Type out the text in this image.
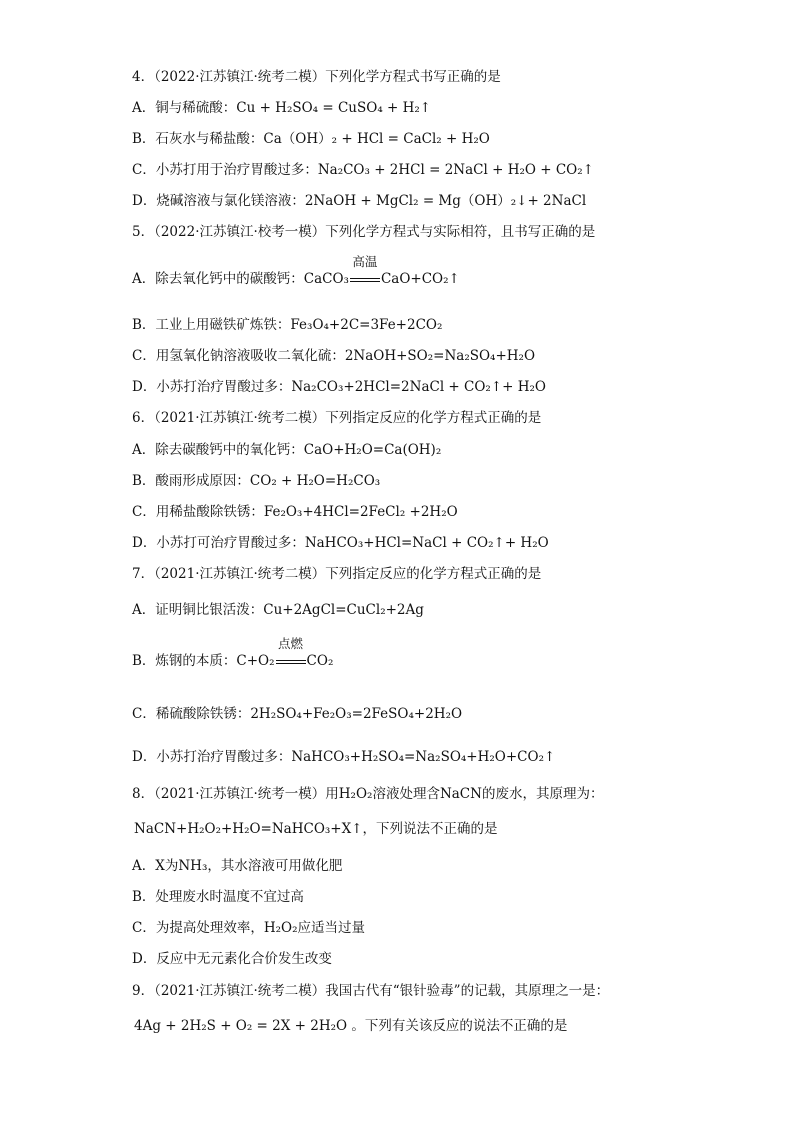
4．（2022·江苏镇江·统考二模）下列化学方程式书写正确的是
A．铜与稀硫酸：Cu + H₂SO₄ = CuSO₄ + H₂↑
B．石灰水与稀盐酸：Ca（OH）₂ + HCl = CaCl₂ + H₂O
C．小苏打用于治疗胃酸过多：Na₂CO₃ + 2HCl = 2NaCl + H₂O + CO₂↑
D．烧碱溶液与氯化镁溶液：2NaOH + MgCl₂ = Mg（OH）₂↓+ 2NaCl
5．（2022·江苏镇江·校考一模）下列化学方程式与实际相符，且书写正确的是
A．除去氧化钙中的碳酸钙：CaCO₃
高温
CaO+CO₂↑
B．工业上用磁铁矿炼铁：Fe₃O₄+2C=3Fe+2CO₂
C．用氢氧化钠溶液吸收二氧化硫：2NaOH+SO₂=Na₂SO₄+H₂O
D．小苏打治疗胃酸过多：Na₂CO₃+2HCl=2NaCl + CO₂↑+ H₂O
6．（2021·江苏镇江·统考二模）下列指定反应的化学方程式正确的是
A．除去碳酸钙中的氧化钙：CaO+H₂O=Ca(OH)₂
B．酸雨形成原因：CO₂ + H₂O=H₂CO₃
C．用稀盐酸除铁锈：Fe₂O₃+4HCl=2FeCl₂ +2H₂O
D．小苏打可治疗胃酸过多：NaHCO₃+HCl=NaCl + CO₂↑+ H₂O
7．（2021·江苏镇江·统考二模）下列指定反应的化学方程式正确的是
A．证明铜比银活泼：Cu+2AgCl=CuCl₂+2Ag
B．炼钢的本质：C+O₂
点燃
CO₂
C．稀硫酸除铁锈：2H₂SO₄+Fe₂O₃=2FeSO₄+2H₂O
D．小苏打治疗胃酸过多：NaHCO₃+H₂SO₄=Na₂SO₄+H₂O+CO₂↑
8．（2021·江苏镇江·统考一模）用H₂O₂溶液处理含NaCN的废水，其原理为：
NaCN+H₂O₂+H₂O=NaHCO₃+X↑，下列说法不正确的是
A．X为NH₃，其水溶液可用做化肥
B．处理废水时温度不宜过高
C．为提高处理效率，H₂O₂应适当过量
D．反应中无元素化合价发生改变
9．（2021·江苏镇江·统考二模）我国古代有“银针验毒”的记载，其原理之一是：
4Ag + 2H₂S + O₂ = 2X + 2H₂O 。下列有关该反应的说法不正确的是
